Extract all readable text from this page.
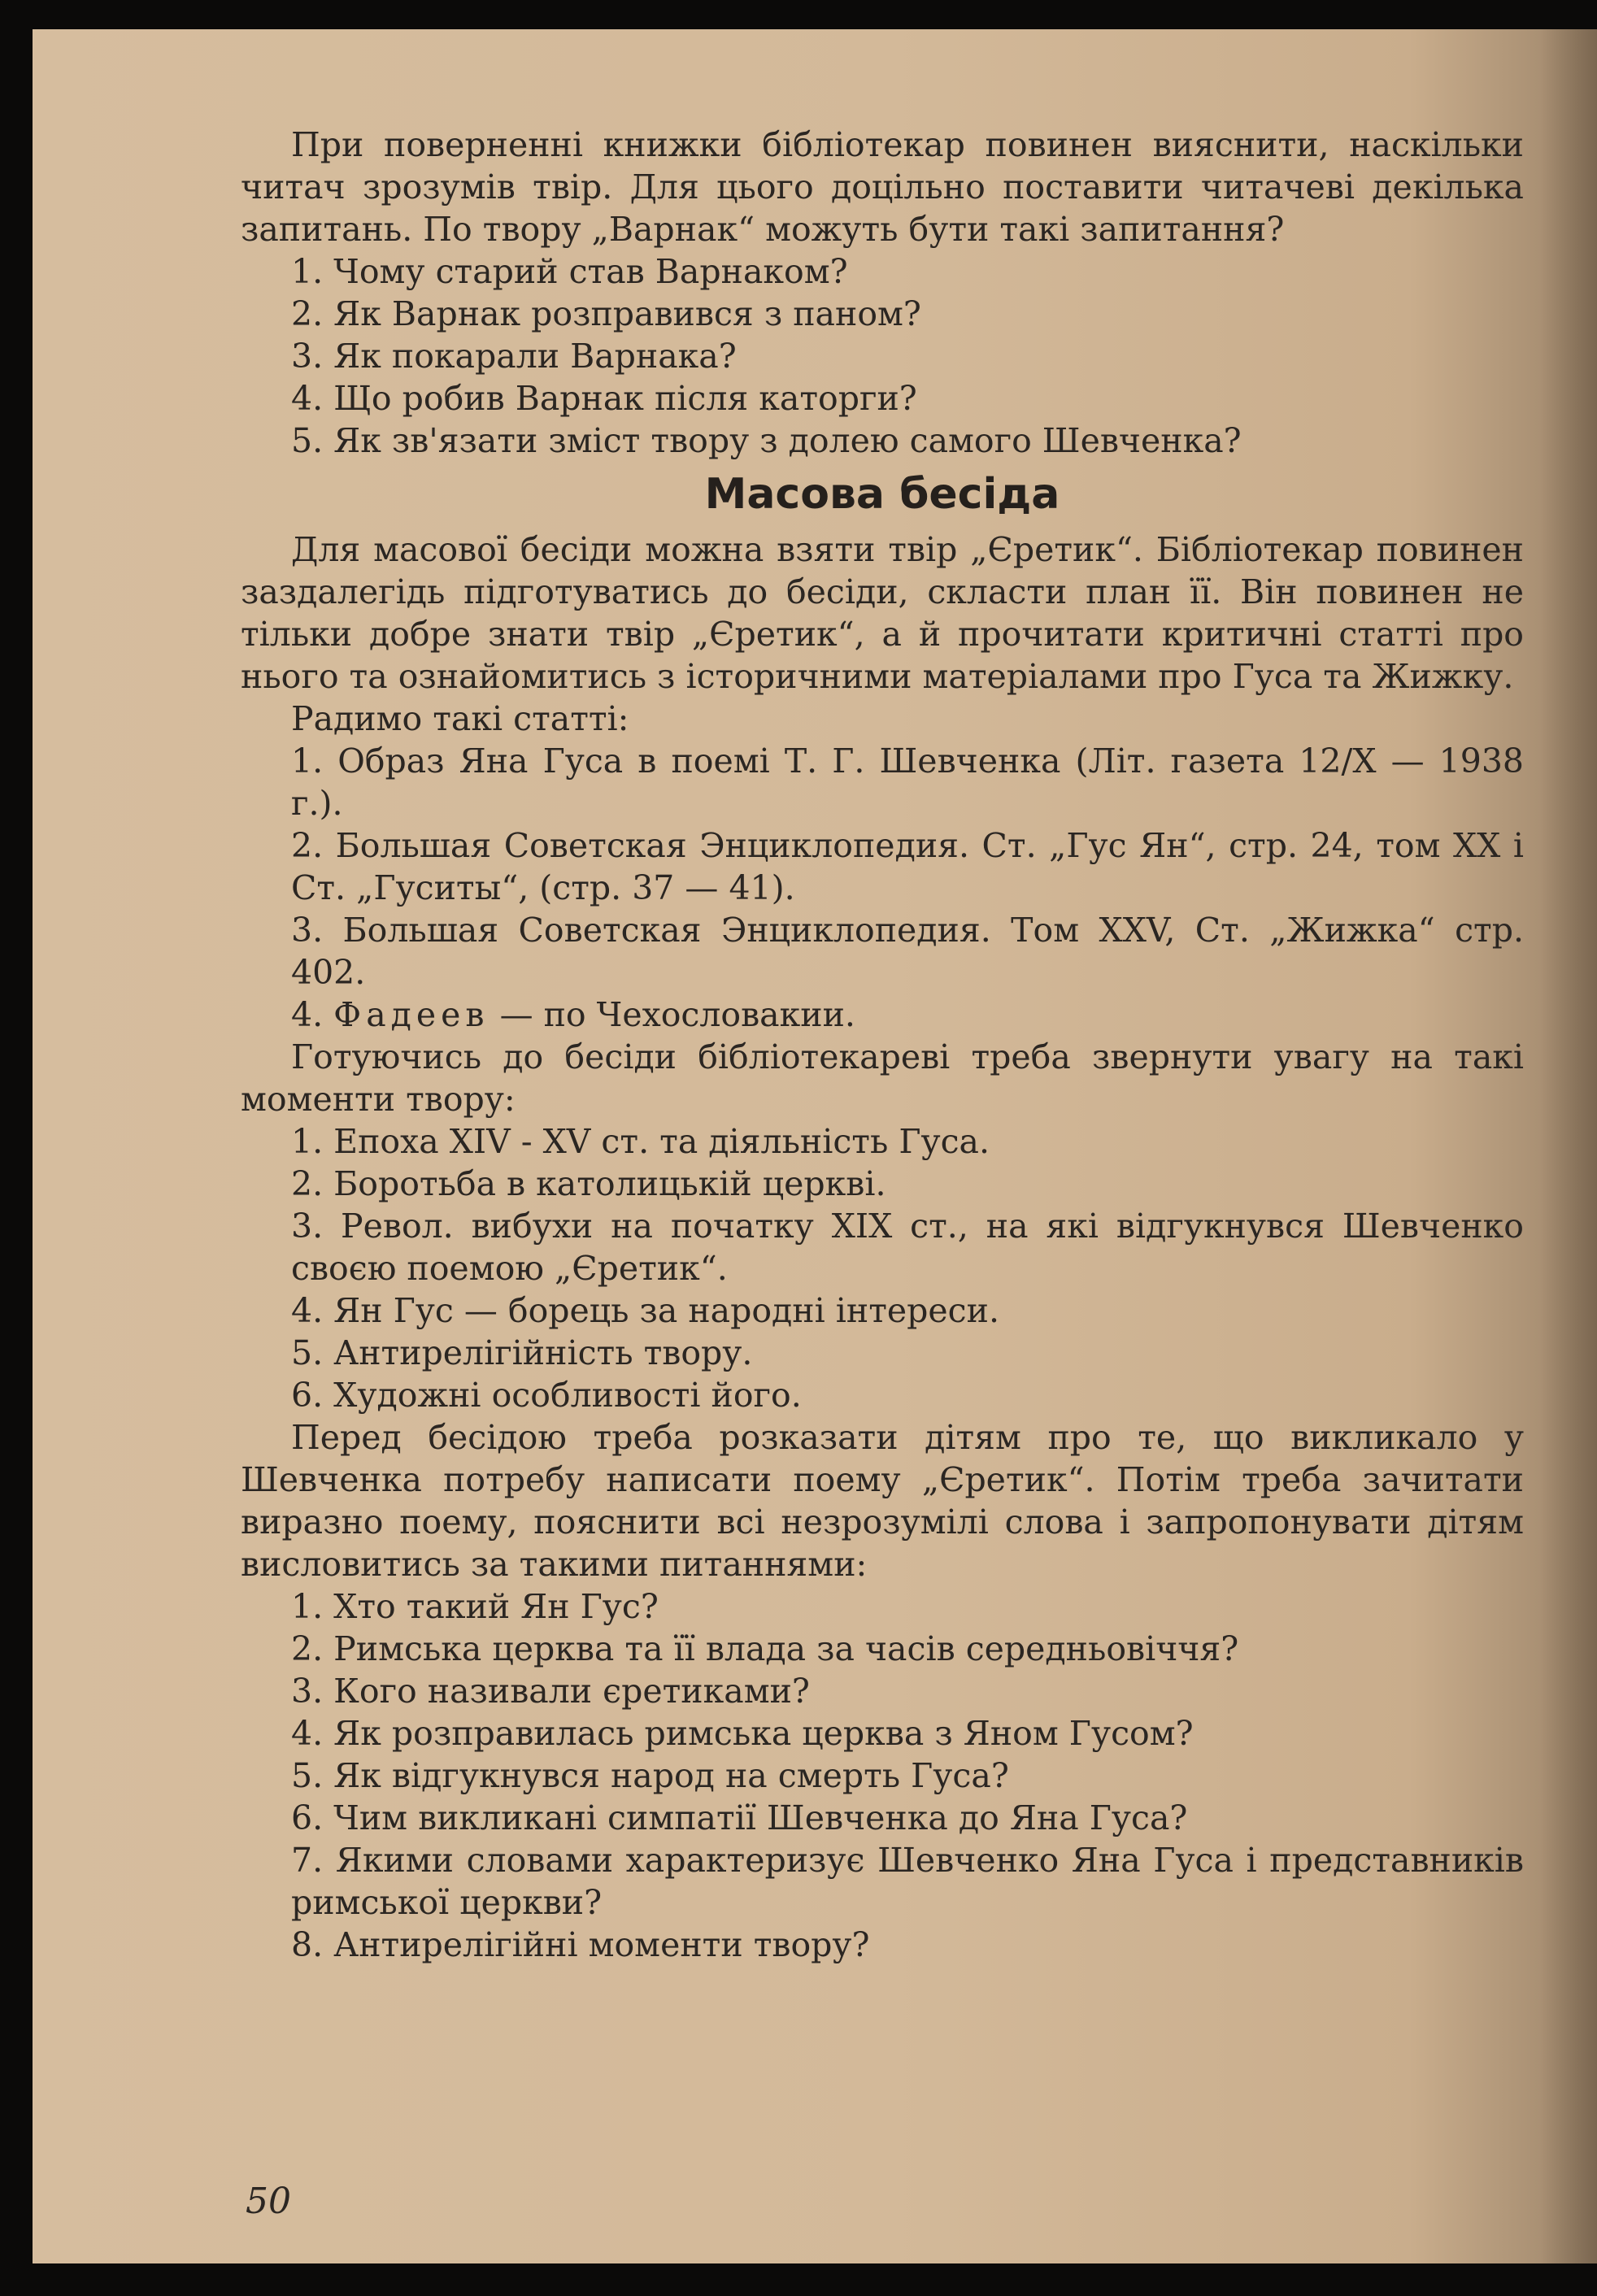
При поверненні книжки бібліотекар повинен вияснити, наскільки читач зрозумів твір. Для цього доцільно поставити читачеві декілька запитань. По твору „Варнак“ можуть бути такі запитання?

1. Чому старий став Варнаком?

2. Як Варнак розправився з паном?

3. Як покарали Варнака?

4. Що робив Варнак після каторги?

5. Як зв'язати зміст твору з долею самого Шевченка?

Масова бесіда

Для масової бесіди можна взяти твір „Єретик“. Бібліотекар повинен заздалегідь підготуватись до бесіди, скласти план її. Він повинен не тільки добре знати твір „Єретик“, а й прочитати критичні статті про нього та ознайомитись з історичними матеріалами про Гуса та Жижку.

Радимо такі статті:

1. Образ Яна Гуса в поемі Т. Г. Шевченка (Літ. газета 12/X — 1938 г.).

2. Большая Советская Энциклопедия. Ст. „Гус Ян“, стр. 24, том XX і Ст. „Гуситы“, (стр. 37 — 41).

3. Большая Советская Энциклопедия. Том XXV, Ст. „Жижка“ стр. 402.

4. Фадеев — по Чехословакии.

Готуючись до бесіди бібліотекареві треба звернути увагу на такі моменти твору:

1. Епоха XIV - XV ст. та діяльність Гуса.

2. Боротьба в католицькій церкві.

3. Револ. вибухи на початку XIX ст., на які відгукнувся Шевченко своєю поемою „Єретик“.

4. Ян Гус — борець за народні інтереси.

5. Антирелігійність твору.

6. Художні особливості його.

Перед бесідою треба розказати дітям про те, що викликало у Шевченка потребу написати поему „Єретик“. Потім треба зачитати виразно поему, пояснити всі незрозумілі слова і запропонувати дітям висловитись за такими питаннями:

1. Хто такий Ян Гус?

2. Римська церква та її влада за часів середньовіччя?

3. Кого називали єретиками?

4. Як розправилась римська церква з Яном Гусом?

5. Як відгукнувся народ на смерть Гуса?

6. Чим викликані симпатії Шевченка до Яна Гуса?

7. Якими словами характеризує Шевченко Яна Гуса і представників римської церкви?

8. Антирелігійні моменти твору?

50
